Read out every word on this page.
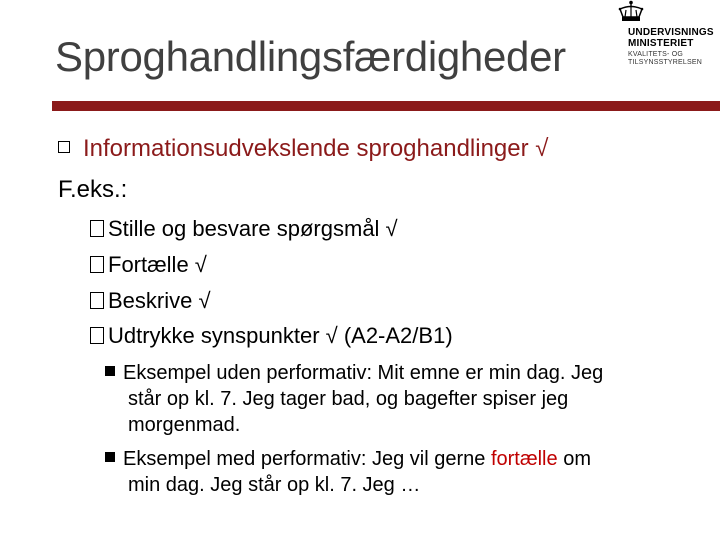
Sproghandlingsfærdigheder
UNDERVISNINGS
MINISTERIET
KVALITETS- OG
TILSYNSSTYRELSEN
Informationsudvekslende sproghandlinger √
F.eks.:
Stille og besvare spørgsmål √
Fortælle √
Beskrive √
Udtrykke synspunkter √ (A2-A2/B1)
Eksempel uden performativ: Mit emne er min dag. Jeg
står op kl. 7. Jeg tager bad, og bagefter spiser jeg
morgenmad.
Eksempel med performativ: Jeg vil gerne fortælle om
min dag. Jeg står op kl. 7. Jeg …
